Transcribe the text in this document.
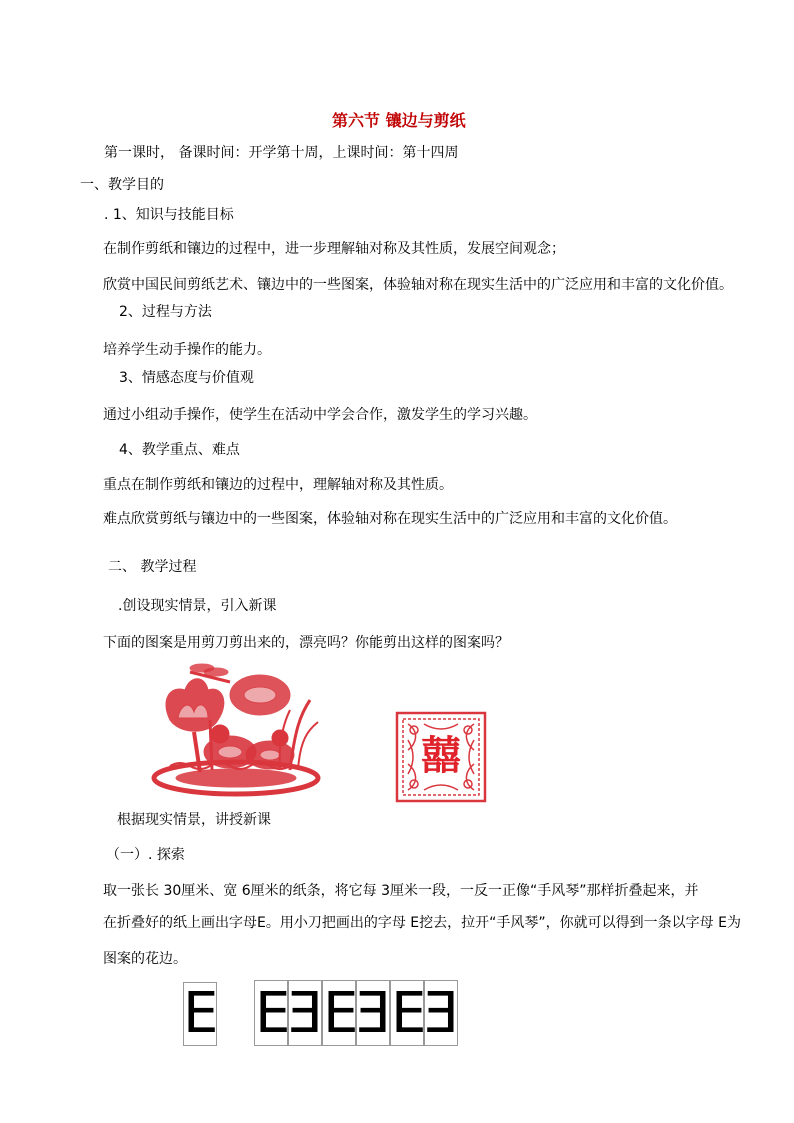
第六节 镶边与剪纸
第一课时， 备课时间：开学第十周，上课时间：第十四周
一、教学目的
. 1、知识与技能目标
在制作剪纸和镶边的过程中，进一步理解轴对称及其性质，发展空间观念；
欣赏中国民间剪纸艺术、镶边中的一些图案，体验轴对称在现实生活中的广泛应用和丰富的文化价值。
2、过程与方法
培养学生动手操作的能力。
3、情感态度与价值观
通过小组动手操作，使学生在活动中学会合作，激发学生的学习兴趣。
4、教学重点、难点
重点在制作剪纸和镶边的过程中，理解轴对称及其性质。
难点欣赏剪纸与镶边中的一些图案，体验轴对称在现实生活中的广泛应用和丰富的文化价值。
二、 教学过程
.创设现实情景，引入新课
下面的图案是用剪刀剪出来的，漂亮吗？你能剪出这样的图案吗？
囍
根据现实情景，讲授新课
（一）. 探索
取一张长 30厘米、宽 6厘米的纸条，将它每 3厘米一段，一反一正像“手风琴”那样折叠起来，并
在折叠好的纸上画出字母E。用小刀把画出的字母 E挖去，拉开“手风琴”，你就可以得到一条以字母 E为
图案的花边。
E E
E E
E E
E
